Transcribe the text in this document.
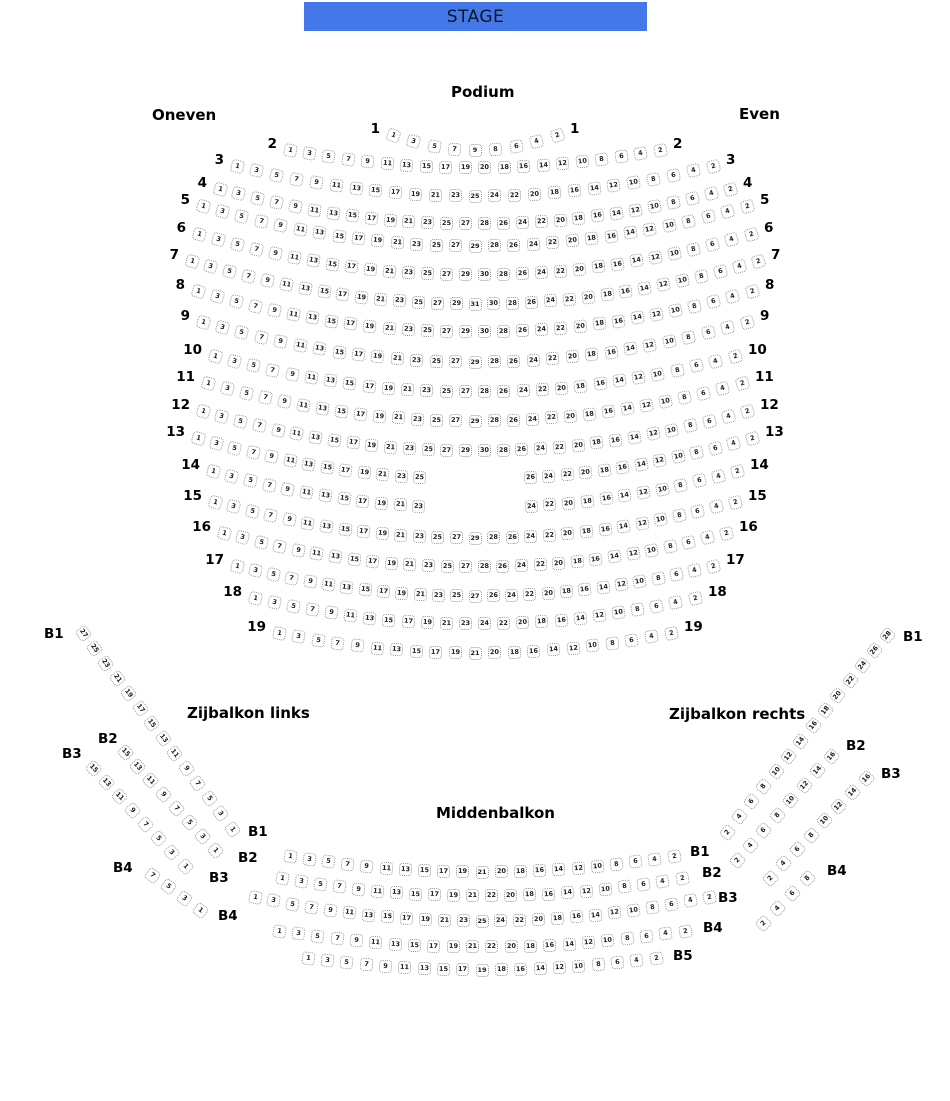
STAGE
Podium
Oneven	Even
Zijbalkon links	Zijbalkon rechts
Middenbalkon
1
3
5	7	9	8	6
4
2
1	1
1	3	5	7	9	11	13	15	17	19	20	18	16	14	12	10	8	6	4	2
2	2
1
3	5	7	9	11	13	15	17	19	21	23	25	24	22	20	18	16	14	12	10	8	6	4
2
3	3
1
3
5	7	9	11	13	15	17	19	21	23	25	27	28	26	24	22	20	18	16	14	12	10	8	6
4
2
4	4
1
3
5
7	9	11	13	15	17	19	21	23	25	27	29	28	26	24	22	20	18	16	14	12	10	8
6
4
2
5	5
1
3
5
7	9	11	13	15	17	19	21	23	25	27	29	30	28	26	24	22	20	18	16	14	12	10	8
6
4
2
6	6
1
3
5
7	9	11	13	15	17	19	21	23	25	27	29	31	30	28	26	24	22	20	18	16	14	12	10	8
6
4
2
7	7
1
3
5
7	9	11	13	15	17	19	21	23	25	27	29	30	28	26	24	22	20	18	16	14	12	10	8
6
4
2
8	8
1
3
5
7	9	11	13	15	17	19	21	23	25	27	29	28	26	24	22	20	18	16	14	12	10	8
6
4
2
9	9
1
3
5	7	9	11	13	15	17	19	21	23	25	27	28	26	24	22	20	18	16	14	12	10	8	6
4
2
10	10
1
3
5
7	9	11	13	15	17	19	21	23	25	27	29	28	26	24	22	20	18	16	14	12	10	8
6
4
2
11	11
1
3
5
7	9	11	13	15	17	19	21	23	25	27	29	30	28	26	24	22	20	18	16	14	12	10	8
6
4
2
12	12
1
3
5
7	9	11	13	15	17	19	21	23	25	26	24	22	20	18	16	14	12	10	8
6
4
2
13	13
1
3
5	7	9	11	13	15	17	19	21	23	24	22	20	18	16	14	12	10	8	6
4
2
14	14
1
3
5	7	9	11	13	15	17	19	21	23	25	27	29	28	26	24	22	20	18	16	14	12	10	8	6
4
2
15	15
1
3
5	7	9	11	13	15	17	19	21	23	25	27	28	26	24	22	20	18	16	14	12	10	8	6
4
2
16	16
1
3	5	7	9	11	13	15	17	19	21	23	25	27	26	24	22	20	18	16	14	12	10	8	6	4
2
17	17
1	3	5	7	9	11	13	15	17	19	21	23	24	22	20	18	16	14	12	10	8	6	4	2
18	18
1	3	5	7	9	11	13	15	17	19	21	20	18	16	14	12	10	8	6	4	2
19	19
27
25
23
21
19
17
15
13
11
9
7
5
3
1
B1
B1
15
13
11
9
7
5
3
1
B2
B2
15
13
11
9
7
5
3
1
B3
B3
7
5
3
1
B4
B4
28
26
24
22
20
18
16
14
12
10
8
6
4
2
B1
16
14
12
10
8
6
4
2
B2
16
14
12
10
8
6
4
2
B3
8
6
4
2
B4
1	3	5	7	9	11	13	15	17	19	21	20	18	16	14	12	10	8	6	4	2 B1
1	3	5	7	9	11	13	15	17	19	21	22	20	18	16	14	12	10	8	6	4	2	B2
1	3	5	7	9	11	13	15	17	19	21	23	25	24	22	20	18	16	14	12	10	8	6	4	2 B3
1	3	5	7	9	11	13	15	17	19	21	22	20	18	16	14	12	10	8	6	4	2	B4
1	3	5	7	9	11	13	15	17	19	18	16	14	12	10	8	6	4	2	B5
